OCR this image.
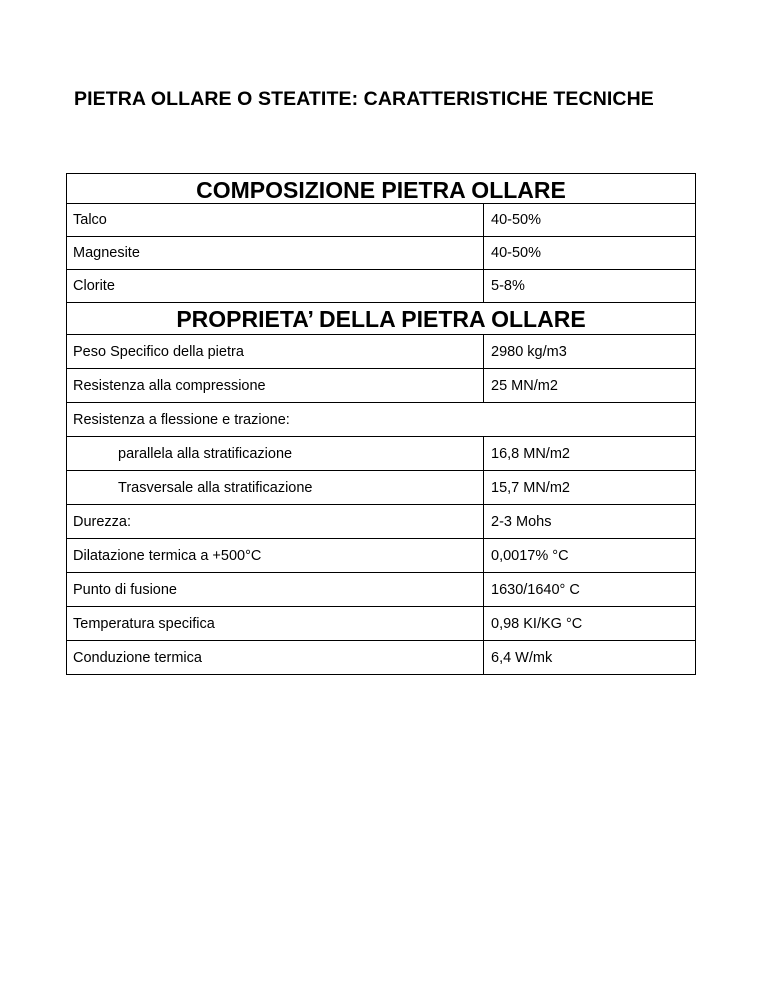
PIETRA OLLARE O STEATITE: CARATTERISTICHE TECNICHE
COMPOSIZIONE PIETRA OLLARE	
Talco	40-50%
Magnesite	40-50%
Clorite	5-8%
PROPRIETA’ DELLA PIETRA OLLARE	
Peso Specifico della pietra	2980 kg/m3
Resistenza alla compressione	25 MN/m2
Resistenza a flessione e trazione:	
parallela alla stratificazione	16,8 MN/m2
Trasversale alla stratificazione	15,7 MN/m2
Durezza:	2-3 Mohs
Dilatazione termica a +500°C	0,0017% °C
Punto di fusione	1630/1640° C
Temperatura specifica	0,98 KI/KG °C
Conduzione termica	6,4 W/mk
